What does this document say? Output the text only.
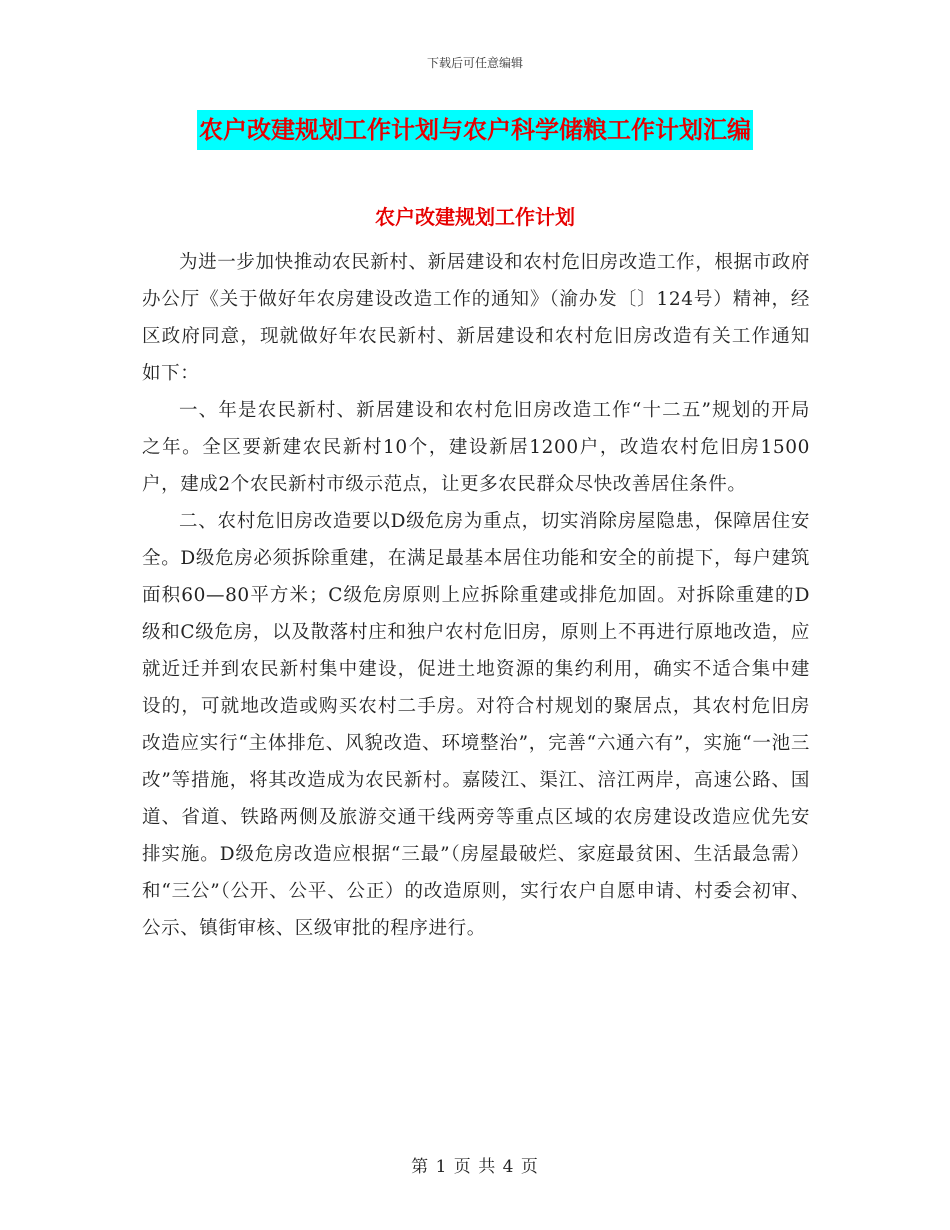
下载后可任意编辑
农户改建规划工作计划与农户科学储粮工作计划汇编
农户改建规划工作计划

为进一步加快推动农民新村、新居建设和农村危旧房改造工作，根据市政府办公厅《关于做好年农房建设改造工作的通知》（渝办发〔〕124号）精神，经区政府同意，现就做好年农民新村、新居建设和农村危旧房改造有关工作通知如下：

一、年是农民新村、新居建设和农村危旧房改造工作“十二五”规划的开局之年。全区要新建农民新村10个，建设新居1200户，改造农村危旧房1500户，建成2个农民新村市级示范点，让更多农民群众尽快改善居住条件。

二、农村危旧房改造要以D级危房为重点，切实消除房屋隐患，保障居住安全。D级危房必须拆除重建，在满足最基本居住功能和安全的前提下，每户建筑面积60—80平方米；C级危房原则上应拆除重建或排危加固。对拆除重建的D级和C级危房，以及散落村庄和独户农村危旧房，原则上不再进行原地改造，应就近迁并到农民新村集中建设，促进土地资源的集约利用，确实不适合集中建设的，可就地改造或购买农村二手房。对符合村规划的聚居点，其农村危旧房改造应实行“主体排危、风貌改造、环境整治”，完善“六通六有”，实施“一池三改”等措施，将其改造成为农民新村。嘉陵江、渠江、涪江两岸，高速公路、国道、省道、铁路两侧及旅游交通干线两旁等重点区域的农房建设改造应优先安排实施。D级危房改造应根据“三最”（房屋最破烂、家庭最贫困、生活最急需）和“三公”（公开、公平、公正）的改造原则，实行农户自愿申请、村委会初审、公示、镇街审核、区级审批的程序进行。

第 1 页 共 4 页
